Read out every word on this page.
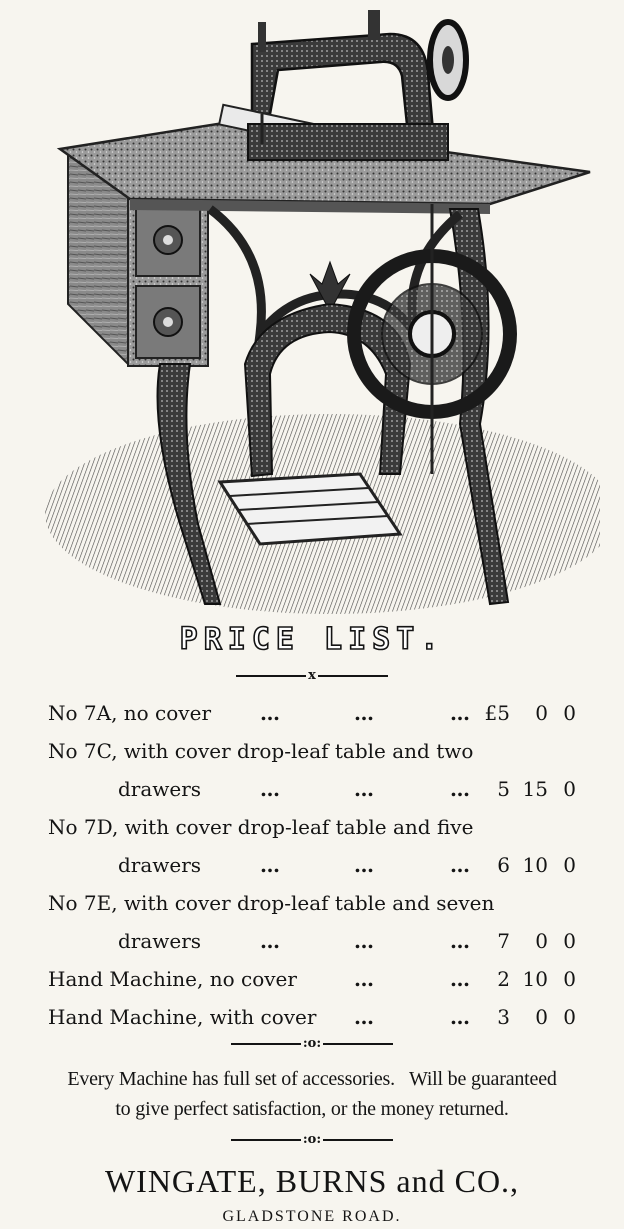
PRICE LIST.
x
No 7A, no cover …	…	… £5	0 0
No 7C, with cover drop-leaf table and two
drawers	…	…	…	5 15 0
No 7D, with cover drop-leaf table and five
drawers	…	…	…	6 10 0
No 7E, with cover drop-leaf table and seven
drawers	…	…	…	7	0 0
Hand Machine, no cover	…	…	2 10 0
Hand Machine, with cover …	…	3	0 0
:o:
Every Machine has full set of accessories.   Will be guaranteed
to give perfect satisfaction, or the money returned.
:o:
WINGATE, BURNS and CO.,
GLADSTONE ROAD.
